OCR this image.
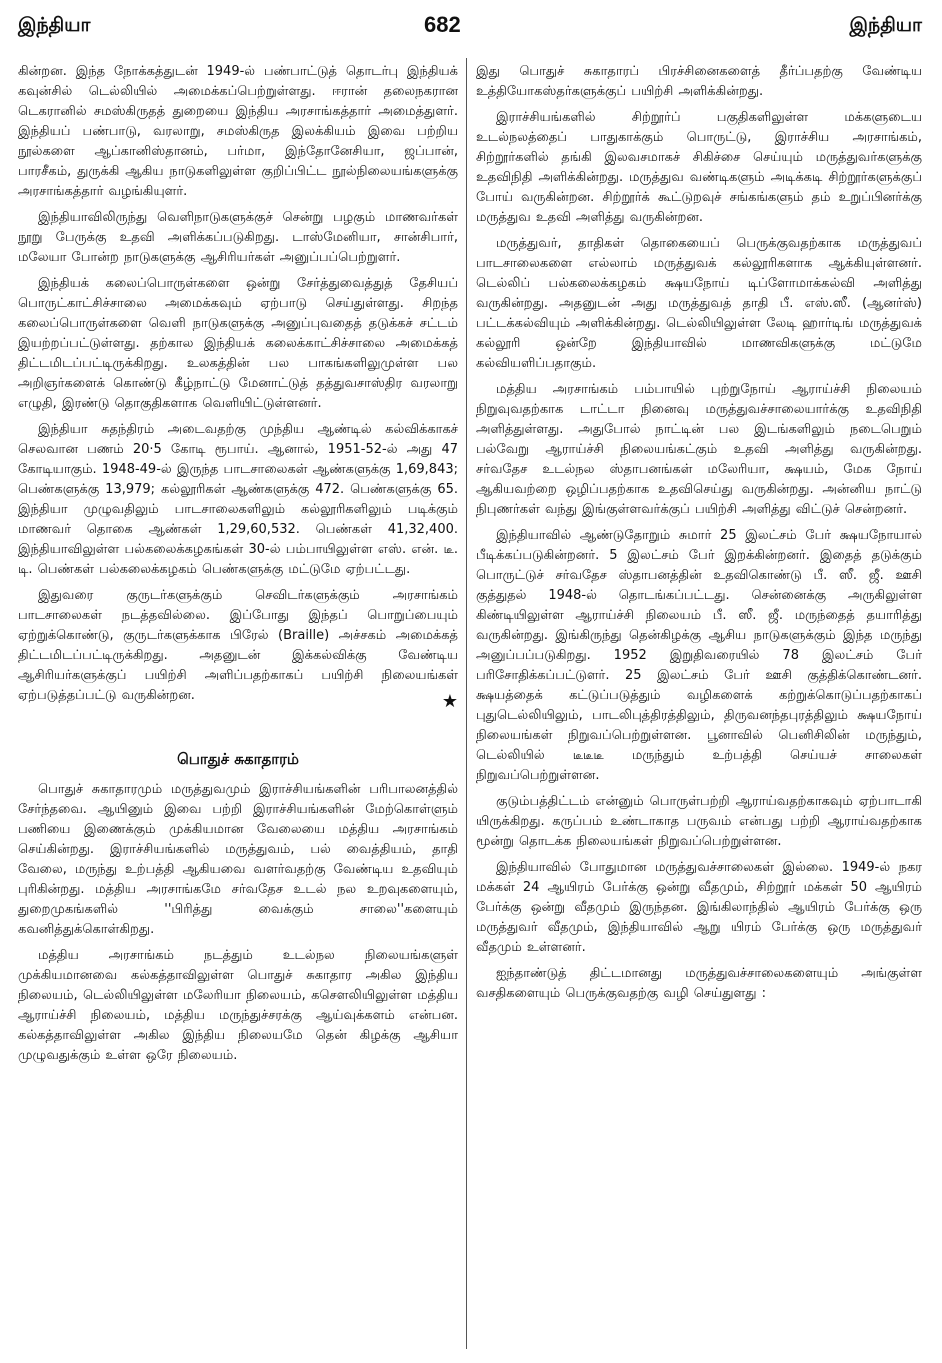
இந்தியா	682	இந்தியா

கின்றன. இந்த நோக்கத்துடன் 1949-ல் பண்பாட்டுத் தொடர்பு இந்தியக் கவுன்சில் டெல்லியில் அமைக்கப்பெற்றுள்ளது. ஈரான் தலைநகரான டெகரானில் சமஸ்கிருதத் துறையை இந்திய அரசாங்கத்தார் அமைத்துளர். இந்தியப் பண்பாடு, வரலாறு, சமஸ்கிருத இலக்கியம் இவை பற்றிய நூல்களை ஆப்கானிஸ்தானம், பர்மா, இந்தோனேசியா, ஜப்பான், பாரசீகம், துருக்கி ஆகிய நாடுகளிலுள்ள குறிப்பிட்ட நூல்நிலையங்களுக்கு அரசாங்கத்தார் வழங்கியுளர்.

இந்தியாவிலிருந்து வெளிநாடுகளுக்குச் சென்று பழகும் மாணவர்கள் நூறு பேருக்கு உதவி அளிக்கப்படுகிறது. டாஸ்மேனியா, சான்சிபார், மலேயா போன்ற நாடுகளுக்கு ஆசிரியர்கள் அனுப்பப்பெற்றுளர்.

இந்தியக் கலைப்பொருள்களை ஒன்று சேர்த்துவைத்துத் தேசியப் பொருட்காட்சிச்சாலை அமைக்கவும் ஏற்பாடு செய்துள்ளது. சிறந்த கலைப்பொருள்களை வெளி நாடுகளுக்கு அனுப்புவதைத் தடுக்கச் சட்டம் இயற்றப்பட்டுள்ளது. தற்கால இந்தியக் கலைக்காட்சிச்சாலை அமைக்கத் திட்டமிடப்பட்டிருக்கிறது. உலகத்தின் பல பாகங்களிலுமுள்ள பல அறிஞர்களைக் கொண்டு கீழ்நாட்டு மேனாட்டுத் தத்துவசாஸ்திர வரலாறு எழுதி, இரண்டு தொகுதிகளாக வெளியிட்டுள்ளனர்.

இந்தியா சுதந்திரம் அடைவதற்கு முந்திய ஆண்டில் கல்விக்காகச் செலவான பணம் 20·5 கோடி ரூபாய். ஆனால், 1951-52-ல் அது 47 கோடியாகும். 1948-49-ல் இருந்த பாடசாலைகள் ஆண்களுக்கு 1,69,843; பெண்களுக்கு 13,979; கல்லூரிகள் ஆண்களுக்கு 472. பெண்களுக்கு 65. இந்தியா முழுவதிலும் பாடசாலைகளிலும் கல்லூரிகளிலும் படிக்கும் மாணவர் தொகை ஆண்கள் 1,29,60,532. பெண்கள் 41,32,400. இந்தியாவிலுள்ள பல்கலைக்கழகங்கள் 30-ல் பம்பாயிலுள்ள எஸ். என். டீ. டி. பெண்கள் பல்கலைக்கழகம் பெண்களுக்கு மட்டுமே ஏற்பட்டது.

இதுவரை குருடர்களுக்கும் செவிடர்களுக்கும் அரசாங்கம் பாடசாலைகள் நடத்தவில்லை. இப்போது இந்தப் பொறுப்பையும் ஏற்றுக்கொண்டு, குருடர்களுக்காக பிரேல் (Braille) அச்சகம் அமைக்கத் திட்டமிடப்பட்டிருக்கிறது. அதனுடன் இக்கல்விக்கு வேண்டிய ஆசிரியர்களுக்குப் பயிற்சி அளிப்பதற்காகப் பயிற்சி நிலையங்கள் ஏற்படுத்தப்பட்டு வருகின்றன.	★
பொதுச் சுகாதாரம்

பொதுச் சுகாதாரமும் மருத்துவமும் இராச்சியங்களின் பரிபாலனத்தில் சேர்ந்தவை. ஆயினும் இவை பற்றி இராச்சியங்களின் மேற்கொள்ளும் பணியை இணைக்கும் முக்கியமான வேலையை மத்திய அரசாங்கம் செய்கின்றது. இராச்சியங்களில் மருத்துவம், பல் வைத்தியம், தாதி வேலை, மருந்து உற்பத்தி ஆகியவை வளர்வதற்கு வேண்டிய உதவியும் புரிகின்றது. மத்திய அரசாங்கமே சர்வதேச உடல் நல உறவுகளையும், துறைமுகங்களில் ''பிரித்து வைக்கும் சாலை''களையும் கவனித்துக்கொள்கிறது.

மத்திய அரசாங்கம் நடத்தும் உடல்நல நிலையங்களுள் முக்கியமானவை கல்கத்தாவிலுள்ள பொதுச் சுகாதார அகில இந்திய நிலையம், டெல்லியிலுள்ள மலேரியா நிலையம், கசௌலியிலுள்ள மத்திய ஆராய்ச்சி நிலையம், மத்திய மருந்துச்சரக்கு ஆய்வுக்களம் என்பன. கல்கத்தாவிலுள்ள அகில இந்திய நிலையமே தென் கிழக்கு ஆசியா முழுவதுக்கும் உள்ள ஒரே நிலையம்.

இது பொதுச் சுகாதாரப் பிரச்சினைகளைத் தீர்ப்பதற்கு வேண்டிய உத்தியோகஸ்தர்களுக்குப் பயிற்சி அளிக்கின்றது.

இராச்சியங்களில் சிற்றூர்ப் பகுதிகளிலுள்ள மக்களுடைய உடல்நலத்தைப் பாதுகாக்கும் பொருட்டு, இராச்சிய அரசாங்கம், சிற்றூர்களில் தங்கி இலவசமாகச் சிகிச்சை செய்யும் மருத்துவர்களுக்கு உதவிநிதி அளிக்கின்றது. மருத்துவ வண்டிகளும் அடிக்கடி சிற்றூர்களுக்குப் போய் வருகின்றன. சிற்றூர்க் கூட்டுறவுச் சங்கங்களும் தம் உறுப்பினர்க்கு மருத்துவ உதவி அளித்து வருகின்றன.

மருத்துவர், தாதிகள் தொகையைப் பெருக்குவதற்காக மருத்துவப் பாடசாலைகளை எல்லாம் மருத்துவக் கல்லூரிகளாக ஆக்கியுள்ளனர். டெல்லிப் பல்கலைக்கழகம் க்ஷயநோய் டிப்ளோமாக்கல்வி அளித்து வருகின்றது. அதனுடன் அது மருத்துவத் தாதி பீ. எஸ்.ஸீ. (ஆனர்ஸ்) பட்டக்கல்வியும் அளிக்கின்றது. டெல்லியிலுள்ள லேடி ஹார்டிங் மருத்துவக் கல்லூரி ஒன்றே இந்தியாவில் மாணவிகளுக்கு மட்டுமே கல்வியளிப்பதாகும்.

மத்திய அரசாங்கம் பம்பாயில் புற்றுநோய் ஆராய்ச்சி நிலையம் நிறுவுவதற்காக டாட்டா நினைவு மருத்துவச்சாலையார்க்கு உதவிநிதி அளித்துள்ளது. அதுபோல் நாட்டின் பல இடங்களிலும் நடைபெறும் பல்வேறு ஆராய்ச்சி நிலையங்கட்கும் உதவி அளித்து வருகின்றது. சர்வதேச உடல்நல ஸ்தாபனங்கள் மலேரியா, க்ஷயம், மேக நோய் ஆகியவற்றை ஒழிப்பதற்காக உதவிசெய்து வருகின்றது. அன்னிய நாட்டு நிபுணர்கள் வந்து இங்குள்ளவர்க்குப் பயிற்சி அளித்து விட்டுச் சென்றனர்.

இந்தியாவில் ஆண்டுதோறும் சுமார் 25 இலட்சம் பேர் க்ஷயநோயால் பீடிக்கப்படுகின்றனர். 5 இலட்சம் பேர் இறக்கின்றனர். இதைத் தடுக்கும் பொருட்டுச் சர்வதேச ஸ்தாபனத்தின் உதவிகொண்டு பீ. ஸீ. ஜீ. ஊசி குத்துதல் 1948-ல் தொடங்கப்பட்டது. சென்னைக்கு அருகிலுள்ள கிண்டியிலுள்ள ஆராய்ச்சி நிலையம் பீ. ஸீ. ஜீ. மருந்தைத் தயாரித்து வருகின்றது. இங்கிருந்து தென்கிழக்கு ஆசிய நாடுகளுக்கும் இந்த மருந்து அனுப்பப்படுகிறது. 1952 இறுதிவரையில் 78 இலட்சம் பேர் பரிசோதிக்கப்பட்டுளர். 25 இலட்சம் பேர் ஊசி குத்திக்கொண்டனர். க்ஷயத்தைக் கட்டுப்படுத்தும் வழிகளைக் கற்றுக்கொடுப்பதற்காகப் புதுடெல்லியிலும், பாடலிபுத்திரத்திலும், திருவனந்தபுரத்திலும் க்ஷயநோய் நிலையங்கள் நிறுவப்பெற்றுள்ளன. பூனாவில் பெனிசிலின் மருந்தும், டெல்லியில் டீடீடீ மருந்தும் உற்பத்தி செய்யச் சாலைகள் நிறுவப்பெற்றுள்ளன.

குடும்பத்திட்டம் என்னும் பொருள்பற்றி ஆராய்வதற்காகவும் ஏற்பாடாகி யிருக்கிறது. கருப்பம் உண்டாகாத பருவம் என்பது பற்றி ஆராய்வதற்காக மூன்று தொடக்க நிலையங்கள் நிறுவப்பெற்றுள்ளன.

இந்தியாவில் போதுமான மருத்துவச்சாலைகள் இல்லை. 1949-ல் நகர மக்கள் 24 ஆயிரம் பேர்க்கு ஒன்று வீதமும், சிற்றூர் மக்கள் 50 ஆயிரம் பேர்க்கு ஒன்று வீதமும் இருந்தன. இங்கிலாந்தில் ஆயிரம் பேர்க்கு ஒரு மருத்துவர் வீதமும், இந்தியாவில் ஆறு யிரம் பேர்க்கு ஒரு மருத்துவர் வீதமும் உள்ளனர்.

ஐந்தாண்டுத் திட்டமானது மருத்துவச்சாலைகளையும் அங்குள்ள வசதிகளையும் பெருக்குவதற்கு வழி செய்துளது :
